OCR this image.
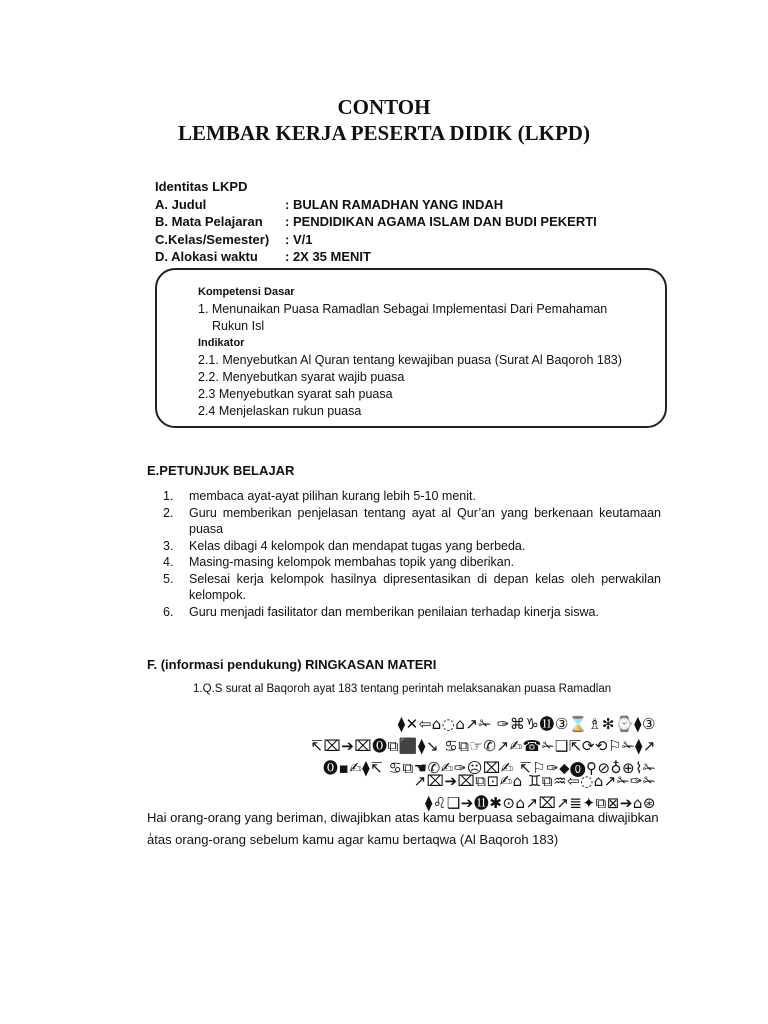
CONTOH
LEMBAR KERJA PESERTA DIDIK (LKPD)
Identitas LKPD
A. Judul	: BULAN RAMADHAN YANG INDAH
B. Mata Pelajaran	: PENDIDIKAN AGAMA ISLAM DAN BUDI PEKERTI
C.Kelas/Semester)	: V/1
D. Alokasi waktu	: 2X 35 MENIT
Kompetensi Dasar
1. Menunaikan Puasa Ramadlan Sebagai Implementasi Dari Pemahaman
Rukun Isl
Indikator
2.1. Menyebutkan Al Quran tentang kewajiban puasa (Surat Al Baqoroh 183)
2.2. Menyebutkan syarat wajib puasa
2.3 Menyebutkan syarat sah puasa
2.4 Menjelaskan rukun puasa
E.PETUNJUK BELAJAR
1.	membaca ayat-ayat pilihan kurang lebih 5-10 menit.
2.	Guru memberikan penjelasan tentang ayat al Qur’an yang berkenaan keutamaan puasa
3.	Kelas dibagi 4 kelompok dan mendapat tugas yang berbeda.
4.	Masing-masing kelompok membahas topik yang diberikan.
5.	Selesai kerja kelompok hasilnya dipresentasikan di depan kelas oleh perwakilan kelompok.
6.	Guru menjadi fasilitator dan memberikan penilaian terhadap kinerja siswa.
F. (informasi pendukung) RINGKASAN MATERI
1.Q.S surat al Baqoroh ayat 183 tentang perintah melaksanakan puasa Ramadlan
⧫✕⇦⌂◌⌂↗✁ ✑⌘♑⓫③⌛♗✻⌚⧫③
↸⌧➔⌧⓿⧉⬛⧫↘ ♋⧉☞✆↗✍☎✁❑⇱⟳⟲⚐✁⧫↗
⓿▪✍⧫↸ ♋⧉☚✆✍✑☹⌧✍ ↸⚐✑⬥⓿⚲⊘♁⊕⌇✁
↗⌧➔⌧⧉⊡✍⌂ ♊⧉♒⇦◌⌂↗✁✑✁
⧫♌❑➔⓫✱⊙⌂↗⌧↗≣✦⧉⊠➔⌂⊛
Hai orang-orang yang beriman, diwajibkan atas kamu berpuasa sebagaimana diwajibkan
ٰatas orang-orang sebelum kamu agar kamu bertaqwa (Al Baqoroh 183)
